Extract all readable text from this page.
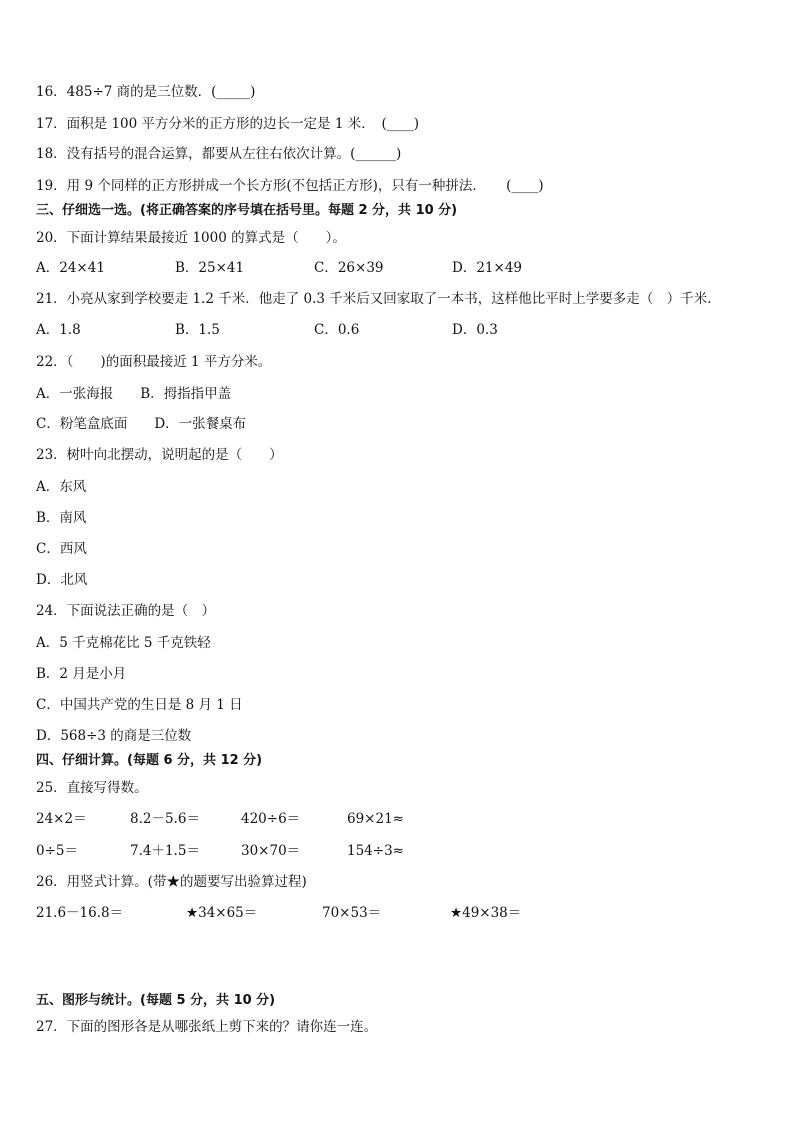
16．485÷7 商的是三位数．(_____)
17．面积是 100 平方分米的正方形的边长一定是 1 米．　(____)
18．没有括号的混合运算，都要从左往右依次计算。(______)
19．用 9 个同样的正方形拼成一个长方形(不包括正方形)，只有一种拼法．　　(____)
三、仔细选一选。(将正确答案的序号填在括号里。每题 2 分，共 10 分)
20．下面计算结果最接近 1000 的算式是（　　）。
A．24×41	B．25×41	C．26×39	D．21×49
21．小亮从家到学校要走 1.2 千米．他走了 0.3 千米后又回家取了一本书，这样他比平时上学要多走（　）千米．
A．1.8	B．1.5	C．0.6	D．0.3
22．（　　)的面积最接近 1 平方分米。
A．一张海报　　B．拇指指甲盖
C．粉笔盒底面　　D．一张餐桌布
23．树叶向北摆动，说明起的是（　　）
A．东风
B．南风
C．西风
D．北风
24．下面说法正确的是（　）
A．5 千克棉花比 5 千克铁轻
B．2 月是小月
C．中国共产党的生日是 8 月 1 日
D．568÷3 的商是三位数
四、仔细计算。(每题 6 分，共 12 分)
25．直接写得数。
24×2＝	8.2－5.6＝	420÷6＝	69×21≈
0÷5＝	7.4＋1.5＝	30×70＝	154÷3≈
26．用竖式计算。(带★的题要写出验算过程)
21.6－16.8＝	★34×65＝	70×53＝	★49×38＝
五、图形与统计。(每题 5 分，共 10 分)
27．下面的图形各是从哪张纸上剪下来的？请你连一连。
